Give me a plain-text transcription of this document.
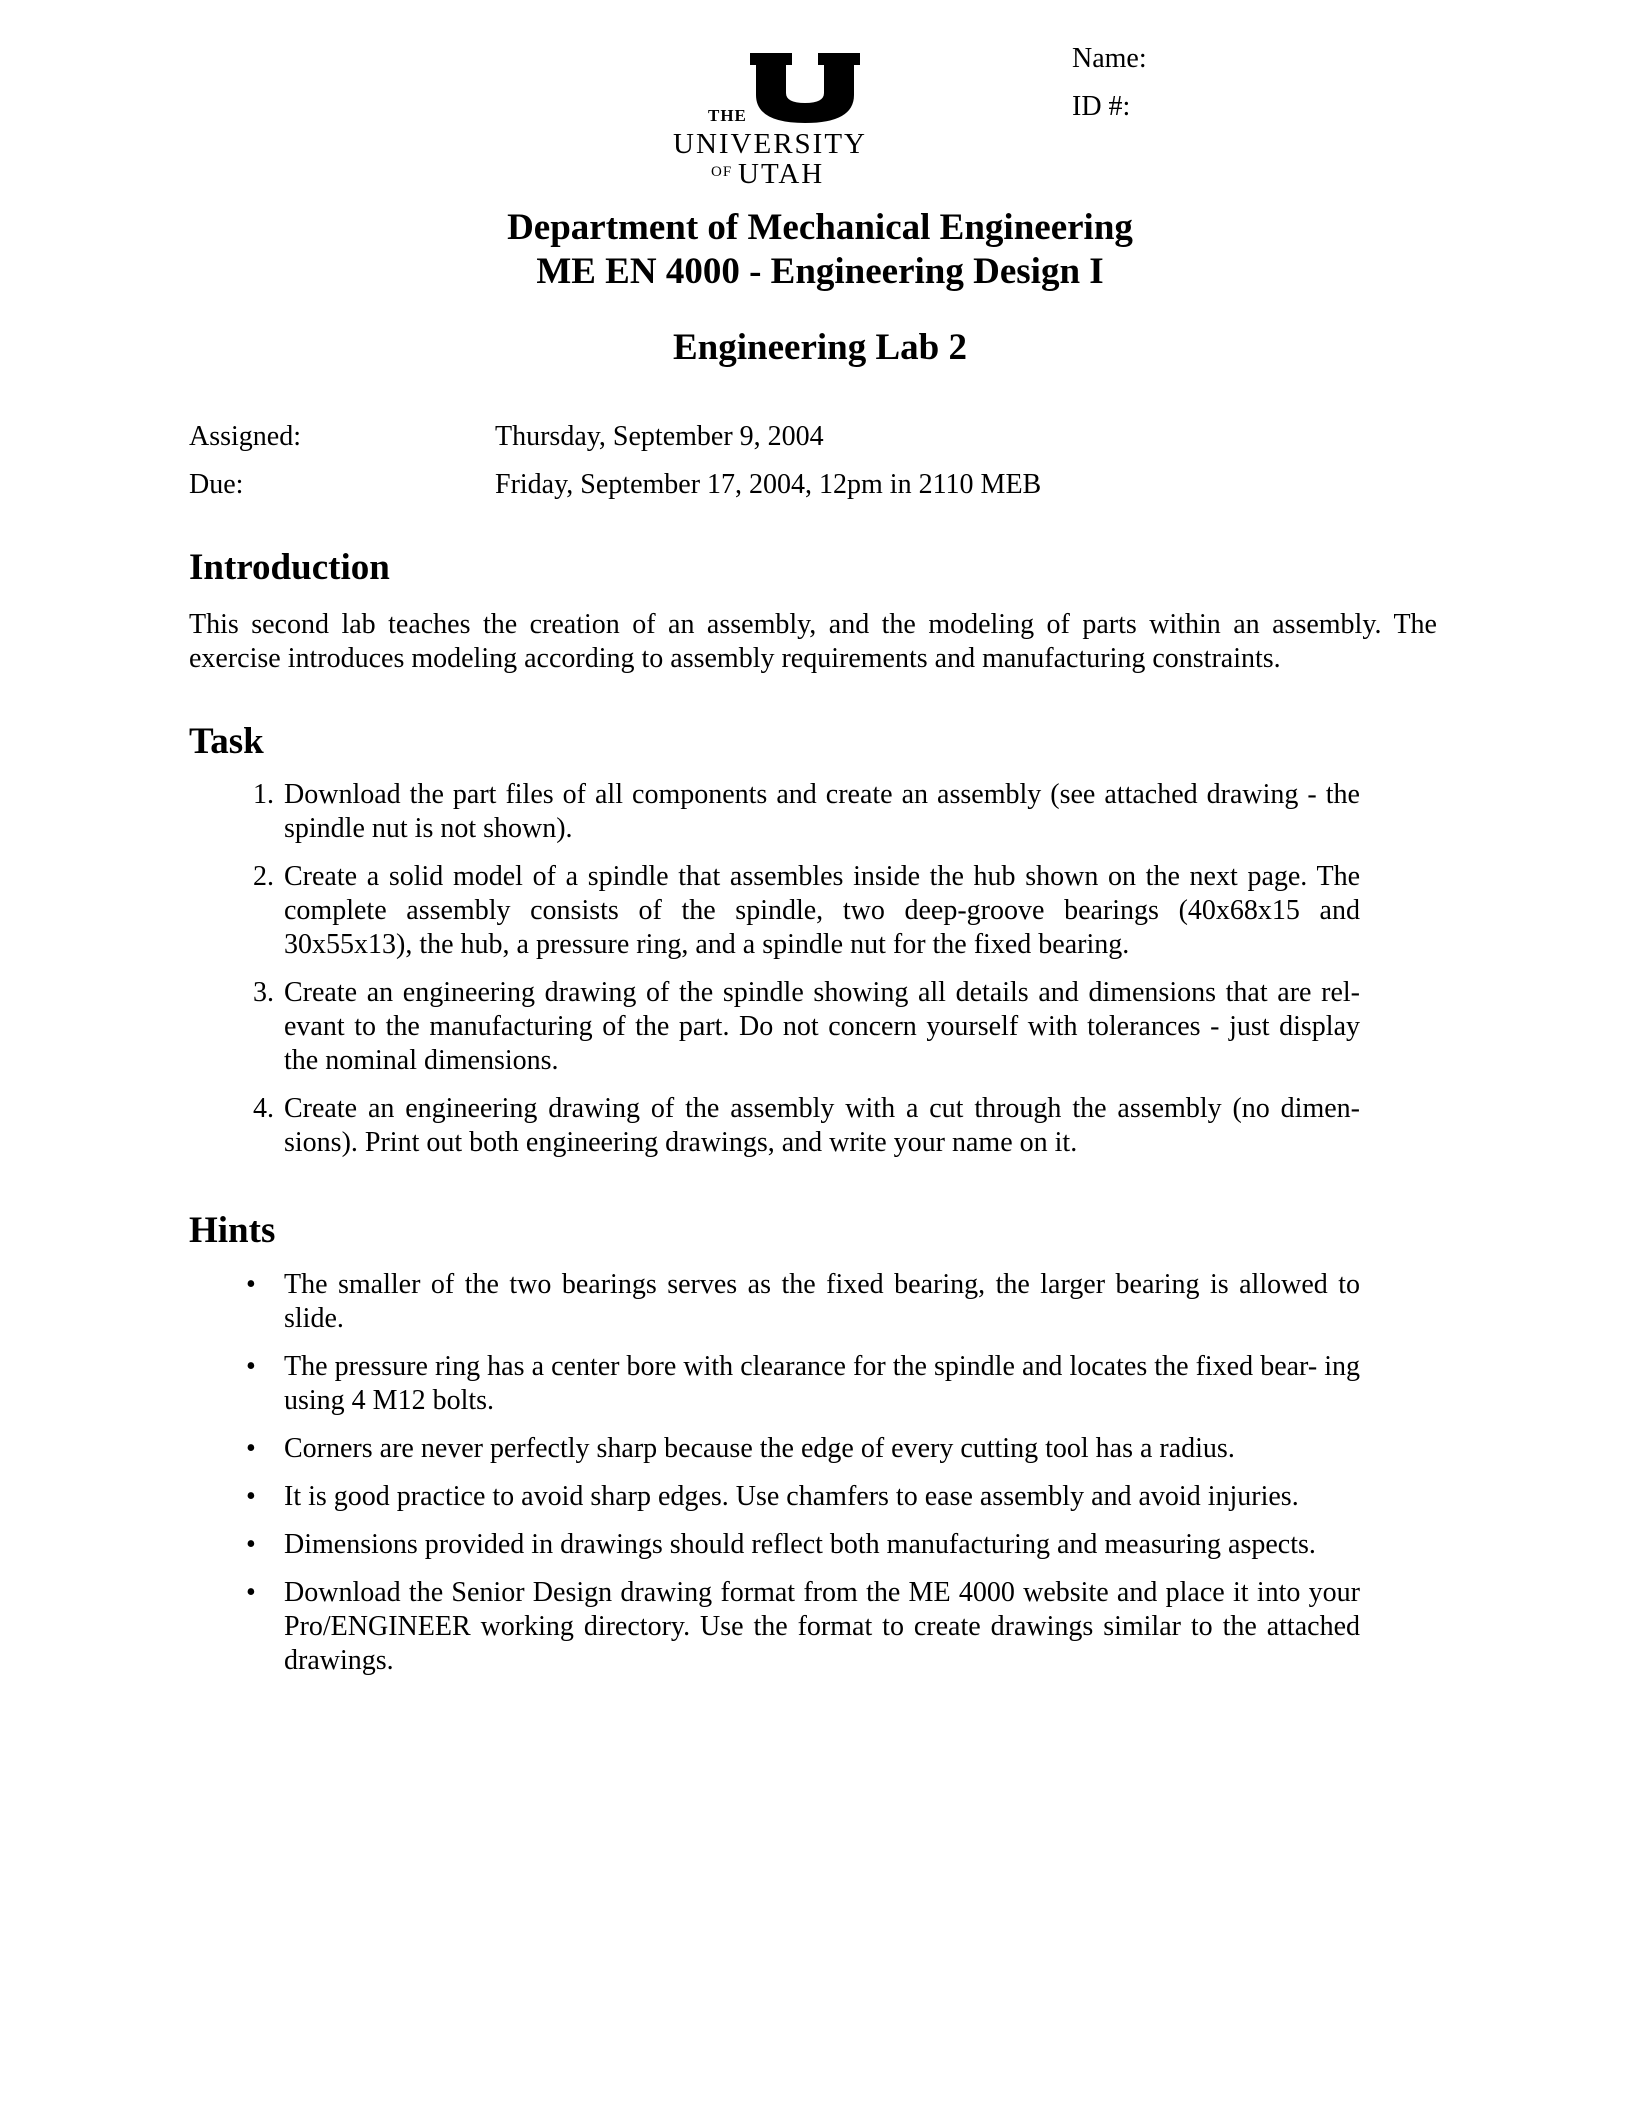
THE
UNIVERSITY
OF UTAH
Name:
ID #:
Department of Mechanical Engineering
ME EN 4000 - Engineering Design I
Engineering Lab 2
Assigned:	Thursday, September 9, 2004
Due:	Friday, September 17, 2004, 12pm in 2110 MEB
Introduction
This second lab teaches the creation of an assembly, and the modeling of parts within an assembly. The exercise introduces modeling according to assembly requirements and manufacturing constraints.
Task
1. Download the part files of all components and create an assembly (see attached drawing - the spindle nut is not shown).
2. Create a solid model of a spindle that assembles inside the hub shown on the next page. The complete assembly consists of the spindle, two deep-groove bearings (40x68x15 and 30x55x13), the hub, a pressure ring, and a spindle nut for the fixed bearing.
3. Create an engineering drawing of the spindle showing all details and dimensions that are rel- evant to the manufacturing of the part. Do not concern yourself with tolerances - just display the nominal dimensions.
4. Create an engineering drawing of the assembly with a cut through the assembly (no dimen- sions). Print out both engineering drawings, and write your name on it.
Hints
•	The smaller of the two bearings serves as the fixed bearing, the larger bearing is allowed to slide.
•	The pressure ring has a center bore with clearance for the spindle and locates the fixed bear- ing using 4 M12 bolts.
•	Corners are never perfectly sharp because the edge of every cutting tool has a radius.
•	It is good practice to avoid sharp edges. Use chamfers to ease assembly and avoid injuries.
•	Dimensions provided in drawings should reflect both manufacturing and measuring aspects.
•	Download the Senior Design drawing format from the ME 4000 website and place it into your Pro/ENGINEER working directory. Use the format to create drawings similar to the attached drawings.
